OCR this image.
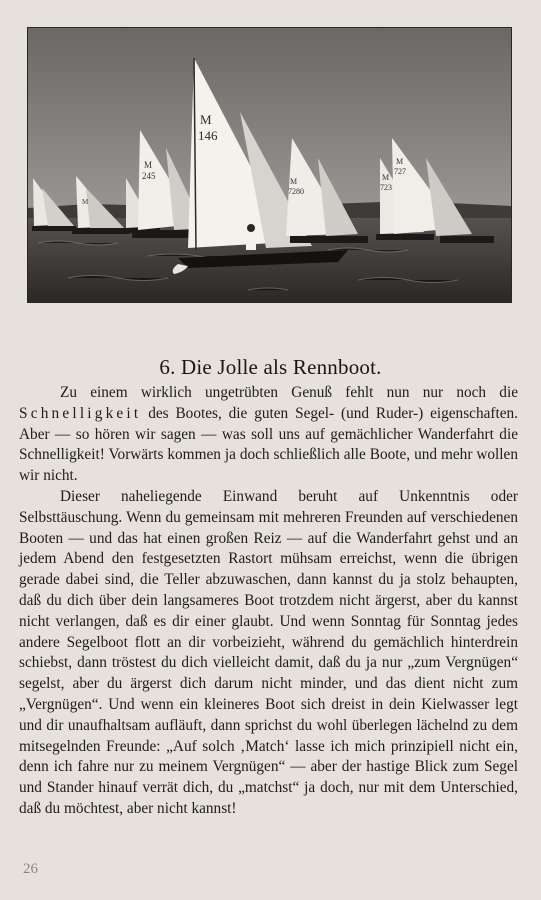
M
M
245
M
146
M
7280
M
723
M
727
6. Die Jolle als Rennboot.

Zu einem wirklich ungetrübten Genuß fehlt nun nur noch die Schnelligkeit des Bootes, die guten Segel- (und Ruder-) eigenschaften. Aber — so hören wir sagen — was soll uns auf gemächlicher Wanderfahrt die Schnelligkeit! Vorwärts kommen ja doch schließlich alle Boote, und mehr wollen wir nicht.

Dieser naheliegende Einwand beruht auf Unkenntnis oder Selbsttäuschung. Wenn du gemeinsam mit mehreren Freunden auf verschiedenen Booten — und das hat einen großen Reiz — auf die Wanderfahrt gehst und an jedem Abend den festgesetzten Rastort mühsam erreichst, wenn die übrigen gerade dabei sind, die Teller abzuwaschen, dann kannst du ja stolz behaupten, daß du dich über dein langsameres Boot trotzdem nicht ärgerst, aber du kannst nicht verlangen, daß es dir einer glaubt. Und wenn Sonntag für Sonntag jedes andere Segelboot flott an dir vorbeizieht, während du gemächlich hinterdrein schiebst, dann tröstest du dich vielleicht damit, daß du ja nur „zum Vergnügen“ segelst, aber du ärgerst dich darum nicht minder, und das dient nicht zum „Vergnügen“. Und wenn ein kleineres Boot sich dreist in dein Kielwasser legt und dir unaufhaltsam aufläuft, dann sprichst du wohl überlegen lächelnd zu dem mitsegelnden Freunde: „Auf solch ‚Match‘ lasse ich mich prinzipiell nicht ein, denn ich fahre nur zu meinem Vergnügen“ — aber der hastige Blick zum Segel und Stander hinauf verrät dich, du „matchst“ ja doch, nur mit dem Unterschied, daß du möchtest, aber nicht kannst!

26
